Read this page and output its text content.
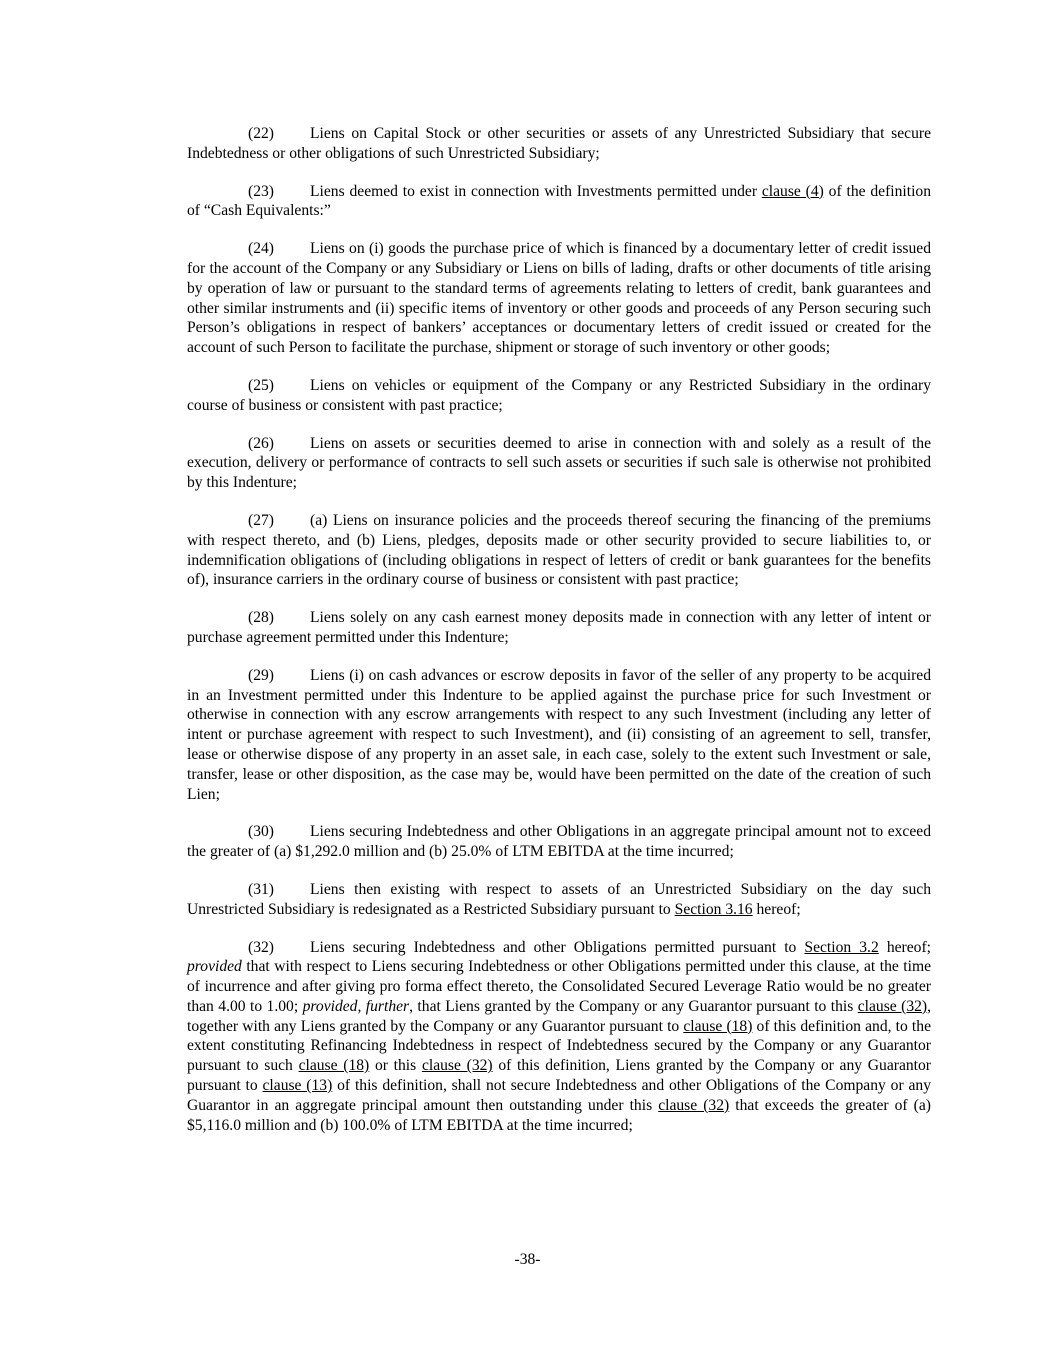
(22) Liens on Capital Stock or other securities or assets of any Unrestricted Subsidiary that secure Indebtedness or other obligations of such Unrestricted Subsidiary;

(23) Liens deemed to exist in connection with Investments permitted under clause (4) of the definition of “Cash Equivalents:”

(24) Liens on (i) goods the purchase price of which is financed by a documentary letter of credit issued for the account of the Company or any Subsidiary or Liens on bills of lading, drafts or other documents of title arising by operation of law or pursuant to the standard terms of agreements relating to letters of credit, bank guarantees and other similar instruments and (ii) specific items of inventory or other goods and proceeds of any Person securing such Person’s obligations in respect of bankers’ acceptances or documentary letters of credit issued or created for the account of such Person to facilitate the purchase, shipment or storage of such inventory or other goods;

(25) Liens on vehicles or equipment of the Company or any Restricted Subsidiary in the ordinary course of business or consistent with past practice;

(26) Liens on assets or securities deemed to arise in connection with and solely as a result of the execution, delivery or performance of contracts to sell such assets or securities if such sale is otherwise not prohibited by this Indenture;

(27) (a) Liens on insurance policies and the proceeds thereof securing the financing of the premiums with respect thereto, and (b) Liens, pledges, deposits made or other security provided to secure liabilities to, or indemnification obligations of (including obligations in respect of letters of credit or bank guarantees for the benefits of), insurance carriers in the ordinary course of business or consistent with past practice;

(28) Liens solely on any cash earnest money deposits made in connection with any letter of intent or purchase agreement permitted under this Indenture;

(29) Liens (i) on cash advances or escrow deposits in favor of the seller of any property to be acquired in an Investment permitted under this Indenture to be applied against the purchase price for such Investment or otherwise in connection with any escrow arrangements with respect to any such Investment (including any letter of intent or purchase agreement with respect to such Investment), and (ii) consisting of an agreement to sell, transfer, lease or otherwise dispose of any property in an asset sale, in each case, solely to the extent such Investment or sale, transfer, lease or other disposition, as the case may be, would have been permitted on the date of the creation of such Lien;

(30) Liens securing Indebtedness and other Obligations in an aggregate principal amount not to exceed the greater of (a) $1,292.0 million and (b) 25.0% of LTM EBITDA at the time incurred;

(31) Liens then existing with respect to assets of an Unrestricted Subsidiary on the day such Unrestricted Subsidiary is redesignated as a Restricted Subsidiary pursuant to Section 3.16 hereof;

(32) Liens securing Indebtedness and other Obligations permitted pursuant to Section 3.2 hereof; provided that with respect to Liens securing Indebtedness or other Obligations permitted under this clause, at the time of incurrence and after giving pro forma effect thereto, the Consolidated Secured Leverage Ratio would be no greater than 4.00 to 1.00; provided, further, that Liens granted by the Company or any Guarantor pursuant to this clause (32), together with any Liens granted by the Company or any Guarantor pursuant to clause (18) of this definition and, to the extent constituting Refinancing Indebtedness in respect of Indebtedness secured by the Company or any Guarantor pursuant to such clause (18) or this clause (32) of this definition, Liens granted by the Company or any Guarantor pursuant to clause (13) of this definition, shall not secure Indebtedness and other Obligations of the Company or any Guarantor in an aggregate principal amount then outstanding under this clause (32) that exceeds the greater of (a) $5,116.0 million and (b) 100.0% of LTM EBITDA at the time incurred;

-38-
